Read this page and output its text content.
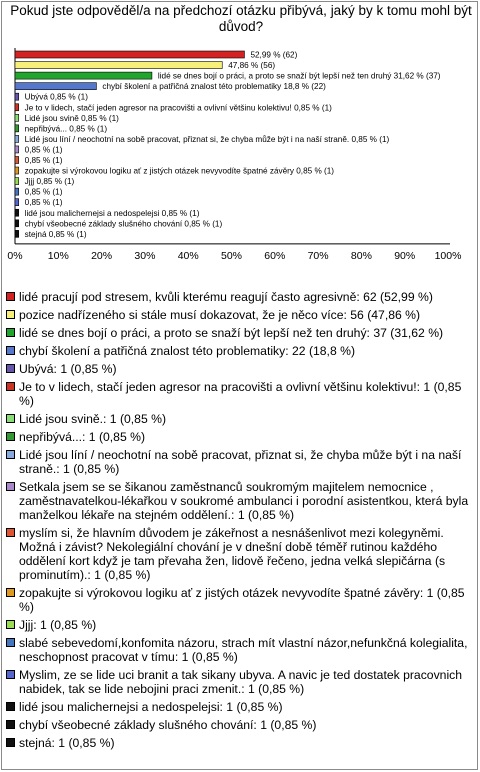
Pokud jste odpověděl/a na předchozí otázku přibývá, jaký by k tomu mohl být důvod?
0% 10% 20% 30% 40% 50% 60% 70% 80% 90% 100%
52,99 % (62)
47,86 % (56)
lidé se dnes bojí o práci, a proto se snaží být lepší než ten druhý 31,62 % (37)
chybí školení a patřičná znalost této problematiky 18,8 % (22)
Ubývá 0,85 % (1)
Je to v lidech, stačí jeden agresor na pracovišti a ovlivní většinu kolektivu! 0,85 % (1)
Lidé jsou svině 0,85 % (1)
nepřibývá... 0,85 % (1)
Lidé jsou líní / neochotní na sobě pracovat, přiznat si, že chyba může být i na naší straně. 0,85 % (1)
0,85 % (1)
0,85 % (1)
zopakujte si výrokovou logiku ať z jistých otázek nevyvodíte špatné závěry 0,85 % (1)
Jjjj 0,85 % (1)
0,85 % (1)
0,85 % (1)
lidé jsou malichernejsi a nedospelejsi 0,85 % (1)
chybí všeobecné základy slušného chování 0,85 % (1)
stejná 0,85 % (1)
lidé pracují pod stresem, kvůli kterému reagují často agresivně: 62 (52,99 %)
pozice nadřízeného si stále musí dokazovat, že je něco více: 56 (47,86 %)
lidé se dnes bojí o práci, a proto se snaží být lepší než ten druhý: 37 (31,62 %)
chybí školení a patřičná znalost této problematiky: 22 (18,8 %)
Ubývá: 1 (0,85 %)
Je to v lidech, stačí jeden agresor na pracovišti a ovlivní většinu kolektivu!: 1 (0,85 %)
Lidé jsou svině.: 1 (0,85 %)
nepřibývá...: 1 (0,85 %)
Lidé jsou líní / neochotní na sobě pracovat, přiznat si, že chyba může být i na naší straně.: 1 (0,85 %)
Setkala jsem se se šikanou zaměstnanců soukromým majitelem nemocnice , zaměstnavatelkou-lékařkou v soukromé ambulanci i porodní asistentkou, která byla manželkou lékaře na stejném oddělení.: 1 (0,85 %)
myslím si, že hlavním důvodem je zákeřnost a nesnášenlivot mezi kolegyněmi. Možná i závist? Nekolegiální chování je v dnešní době téměř rutinou každého oddělení kort když je tam převaha žen, lidově řečeno, jedna velká slepičárna (s prominutím).: 1 (0,85 %)
zopakujte si výrokovou logiku ať z jistých otázek nevyvodíte špatné závěry: 1 (0,85 %)
Jjjj: 1 (0,85 %)
slabé sebevedomí,konfomita názoru, strach mít vlastní názor,nefunkčná kolegialita, neschopnost pracovat v tímu: 1 (0,85 %)
Myslim, ze se lide uci branit a tak sikany ubyva. A navic je ted dostatek pracovnich nabidek, tak se lide nebojini praci zmenit.: 1 (0,85 %)
lidé jsou malichernejsi a nedospelejsi: 1 (0,85 %)
chybí všeobecné základy slušného chování: 1 (0,85 %)
stejná: 1 (0,85 %)
